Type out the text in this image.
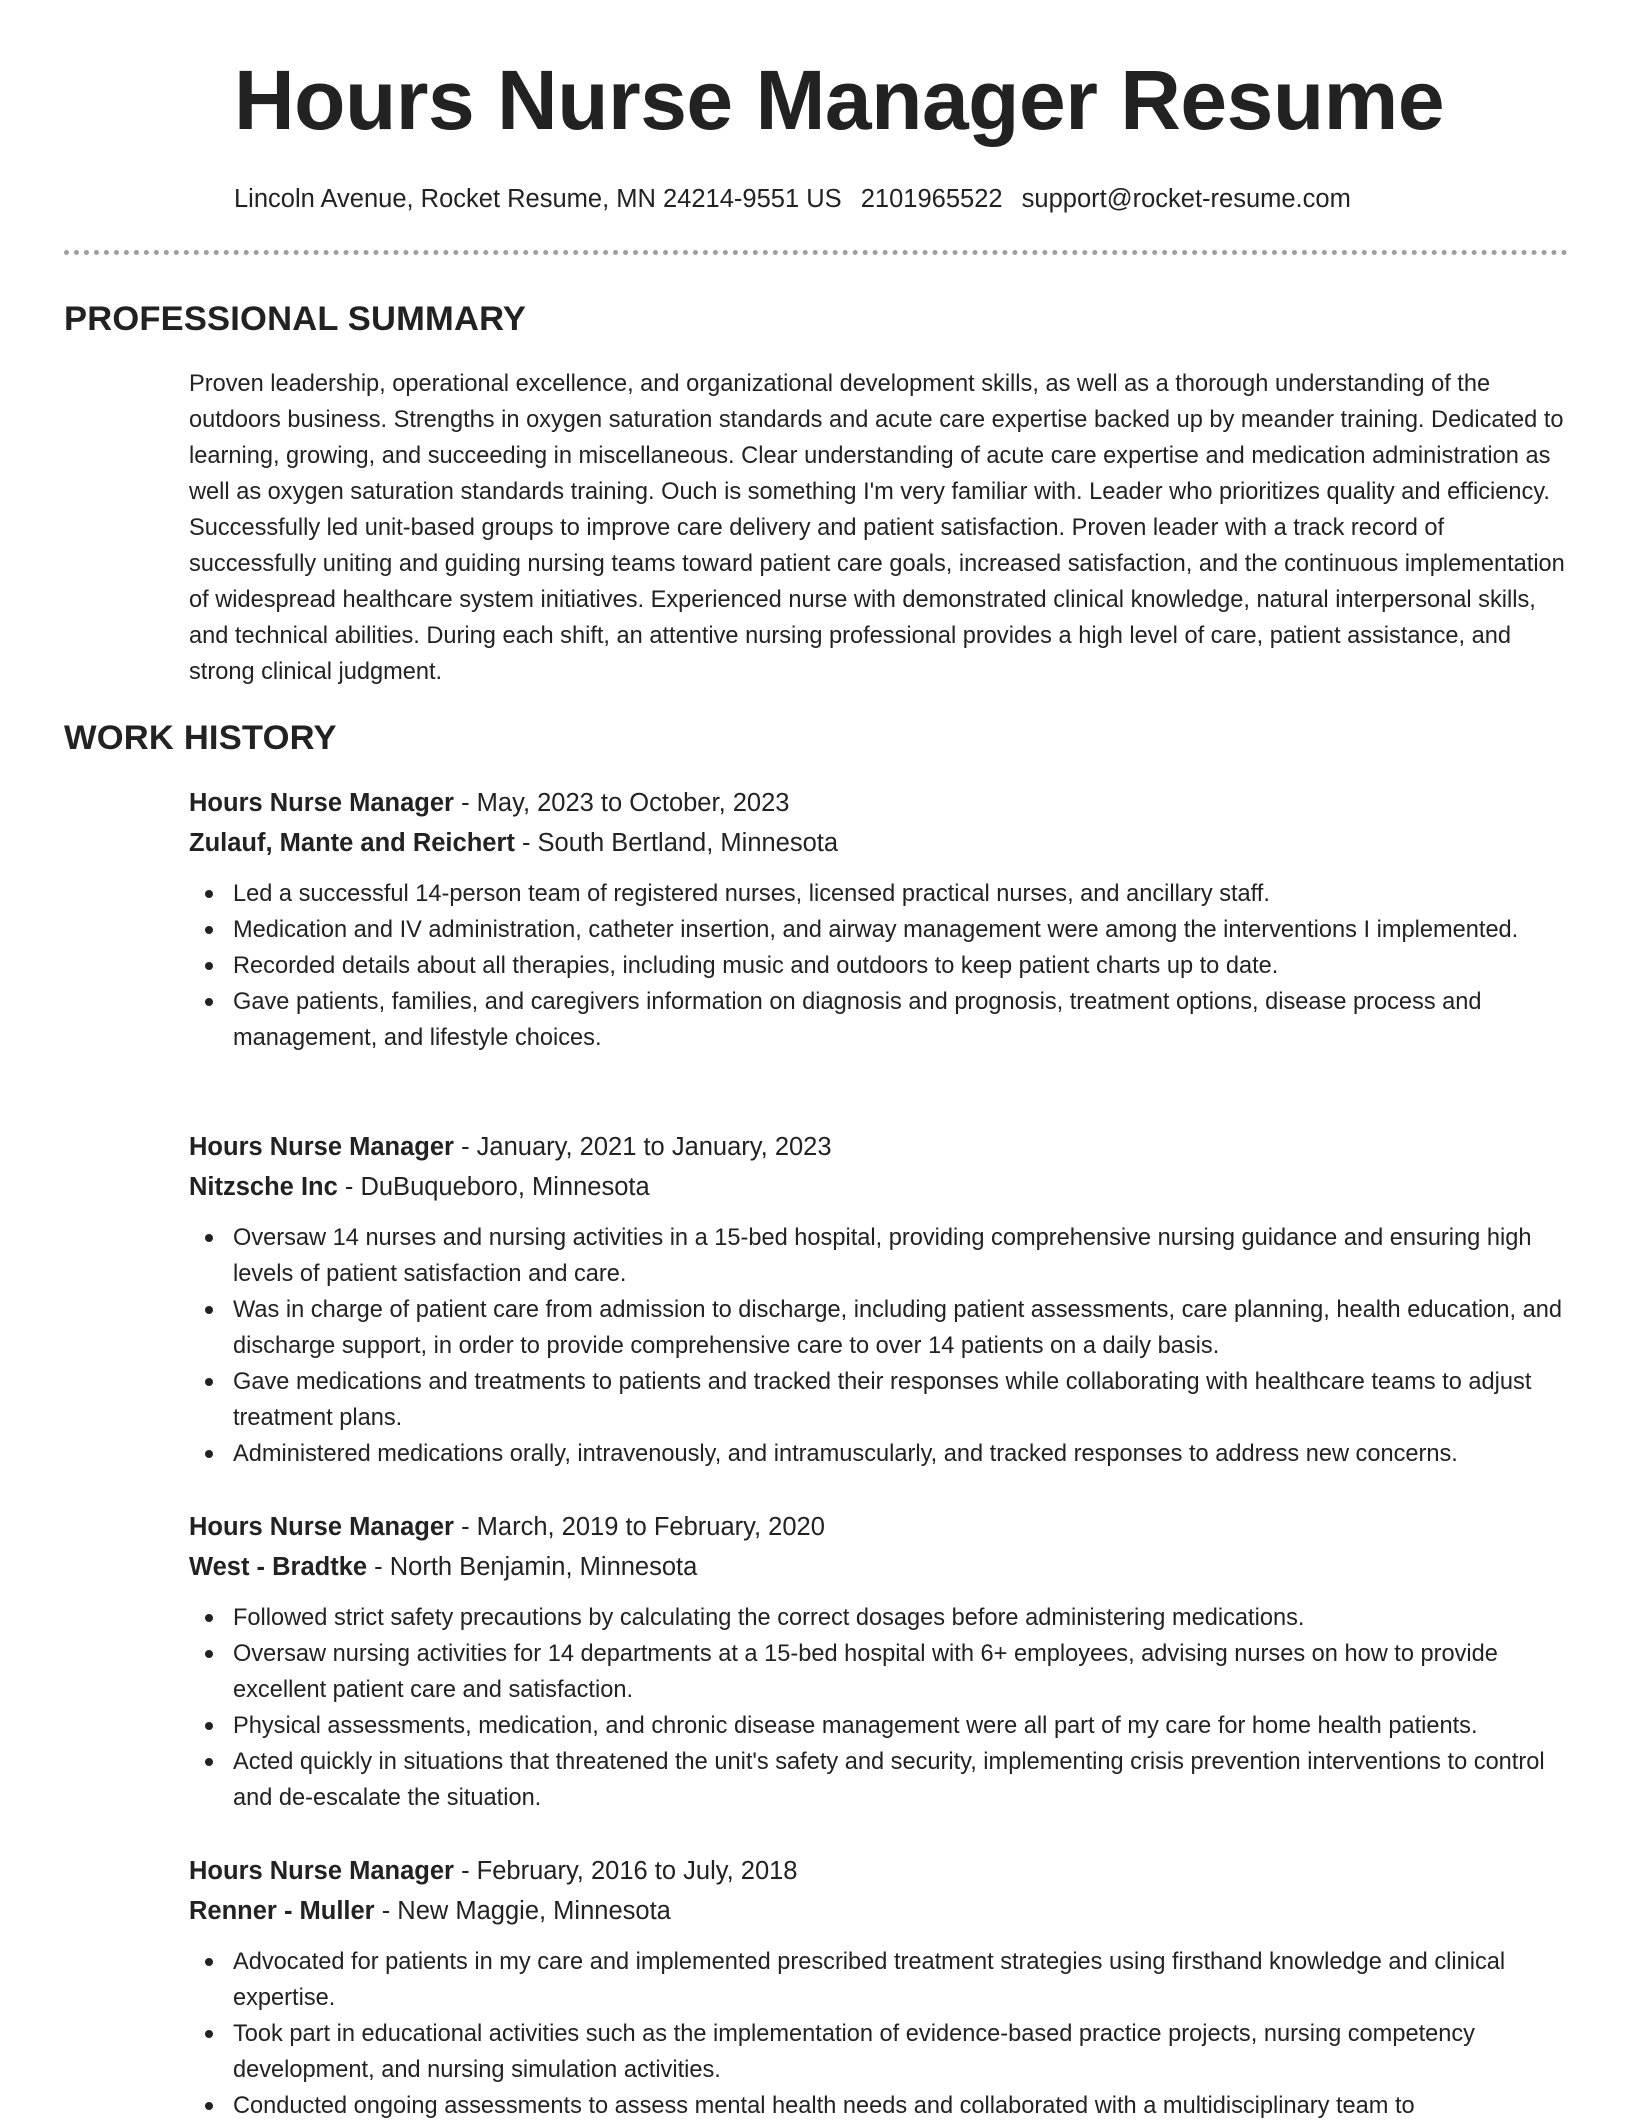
Hours Nurse Manager Resume
Lincoln Avenue, Rocket Resume, MN 24214-9551 US 2101965522 support@rocket-resume.com
PROFESSIONAL SUMMARY

Proven leadership, operational excellence, and organizational development skills, as well as a thorough understanding of the outdoors business. Strengths in oxygen saturation standards and acute care expertise backed up by meander training. Dedicated to learning, growing, and succeeding in miscellaneous. Clear understanding of acute care expertise and medication administration as well as oxygen saturation standards training. Ouch is something I'm very familiar with. Leader who prioritizes quality and efficiency. Successfully led unit-based groups to improve care delivery and patient satisfaction. Proven leader with a track record of successfully uniting and guiding nursing teams toward patient care goals, increased satisfaction, and the continuous implementation of widespread healthcare system initiatives. Experienced nurse with demonstrated clinical knowledge, natural interpersonal skills, and technical abilities. During each shift, an attentive nursing professional provides a high level of care, patient assistance, and strong clinical judgment.

WORK HISTORY
Hours Nurse Manager - May, 2023 to October, 2023
Zulauf, Mante and Reichert - South Bertland, Minnesota
Led a successful 14-person team of registered nurses, licensed practical nurses, and ancillary staff.
Medication and IV administration, catheter insertion, and airway management were among the interventions I implemented.
Recorded details about all therapies, including music and outdoors to keep patient charts up to date.
Gave patients, families, and caregivers information on diagnosis and prognosis, treatment options, disease process and management, and lifestyle choices.
Hours Nurse Manager - January, 2021 to January, 2023
Nitzsche Inc - DuBuqueboro, Minnesota
Oversaw 14 nurses and nursing activities in a 15-bed hospital, providing comprehensive nursing guidance and ensuring high levels of patient satisfaction and care.
Was in charge of patient care from admission to discharge, including patient assessments, care planning, health education, and discharge support, in order to provide comprehensive care to over 14 patients on a daily basis.
Gave medications and treatments to patients and tracked their responses while collaborating with healthcare teams to adjust treatment plans.
Administered medications orally, intravenously, and intramuscularly, and tracked responses to address new concerns.
Hours Nurse Manager - March, 2019 to February, 2020
West - Bradtke - North Benjamin, Minnesota
Followed strict safety precautions by calculating the correct dosages before administering medications.
Oversaw nursing activities for 14 departments at a 15-bed hospital with 6+ employees, advising nurses on how to provide excellent patient care and satisfaction.
Physical assessments, medication, and chronic disease management were all part of my care for home health patients.
Acted quickly in situations that threatened the unit's safety and security, implementing crisis prevention interventions to control and de-escalate the situation.
Hours Nurse Manager - February, 2016 to July, 2018
Renner - Muller - New Maggie, Minnesota
Advocated for patients in my care and implemented prescribed treatment strategies using firsthand knowledge and clinical expertise.
Took part in educational activities such as the implementation of evidence-based practice projects, nursing competency development, and nursing simulation activities.
Conducted ongoing assessments to assess mental health needs and collaborated with a multidisciplinary team to
